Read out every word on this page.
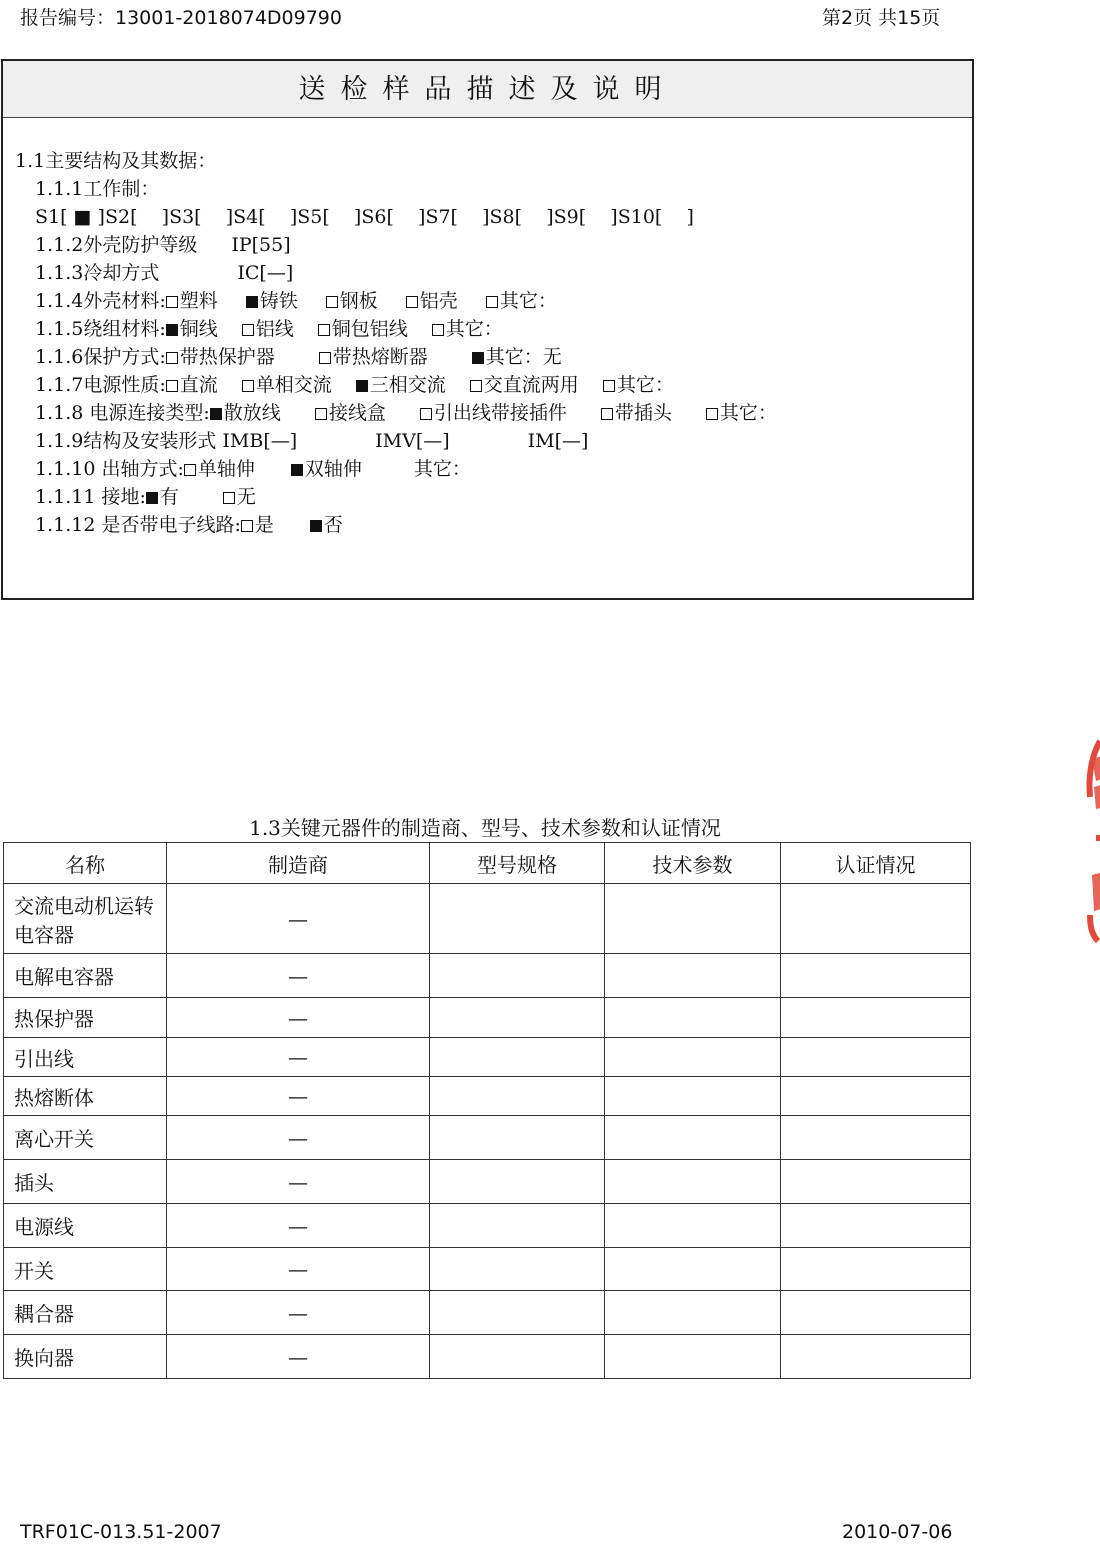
报告编号：13001-2018074D09790	第2页 共15页
送检样品描述及说明
1.1主要结构及其数据：
1.1.1工作制：
S1[ ■ ]S2[    ]S3[    ]S4[    ]S5[    ]S6[    ]S7[    ]S8[    ]S9[    ]S10[    ]
1.1.2外壳防护等级 IP[55]
1.1.3冷却方式	IC[—]
1.1.4外壳材料: 塑料 铸铁 钢板 铝壳 其它：
1.1.5绕组材料: 铜线 铝线 铜包铝线 其它：
1.1.6保护方式: 带热保护器	带热熔断器	其它：无
1.1.7电源性质: 直流 单相交流 三相交流 交直流两用 其它：
1.1.8 电源连接类型: 散放线	接线盒	引出线带接插件	带插头	其它：
1.1.9结构及安装形式 IMB[—]	IMV[—]	IM[—]
1.1.10 出轴方式: 单轴伸	双轴伸	其它：
1.1.11 接地: 有	无
1.1.12 是否带电子线路: 是	否
1.3关键元器件的制造商、型号、技术参数和认证情况
名称	制造商	型号规格	技术参数	认证情况
交流电动机运转电容器	—			
电解电容器	—			
热保护器	—			
引出线	—			
热熔断体	—			
离心开关	—			
插头	—			
电源线	—			
开关	—			
耦合器	—			
换向器	—			
TRF01C-013.51-2007	2010-07-06
